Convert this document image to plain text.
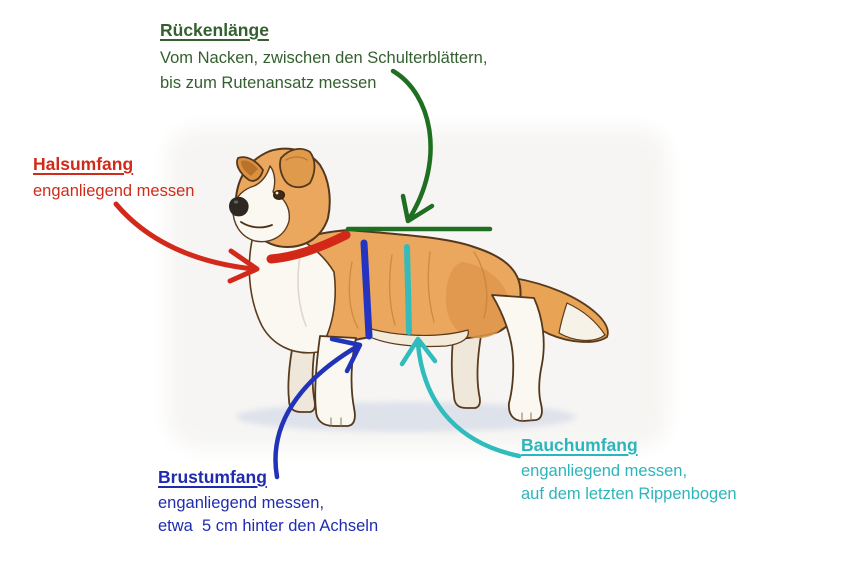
Rückenlänge
Vom Nacken, zwischen den Schulterblättern,
bis zum Rutenansatz messen
Halsumfang
enganliegend messen
Brustumfang
enganliegend messen,
etwa  5 cm hinter den Achseln
Bauchumfang
enganliegend messen,
auf dem letzten Rippenbogen
